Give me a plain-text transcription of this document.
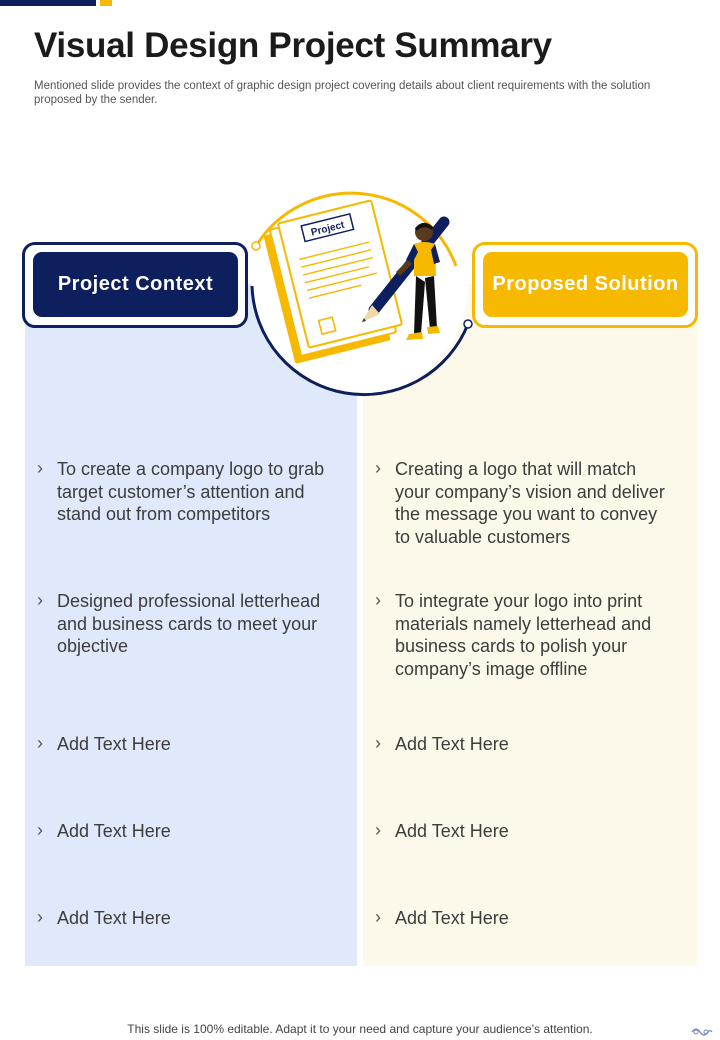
Visual Design Project Summary

Mentioned slide provides the context of graphic design project covering details about client requirements with the solution proposed by the sender.

› To create a company logo to grab target customer’s attention and stand out from competitors
› Designed professional letterhead and business cards to meet your objective
› Add Text Here
› Add Text Here
› Add Text Here
› Creating a logo that will match your company’s vision and deliver the message you want to convey to valuable customers
› To integrate your logo into print materials namely letterhead and business cards to polish your company’s image offline
› Add Text Here
› Add Text Here
› Add Text Here
Project Context	Proposed Solution
Project

This slide is 100% editable. Adapt it to your need and capture your audience’s attention.
